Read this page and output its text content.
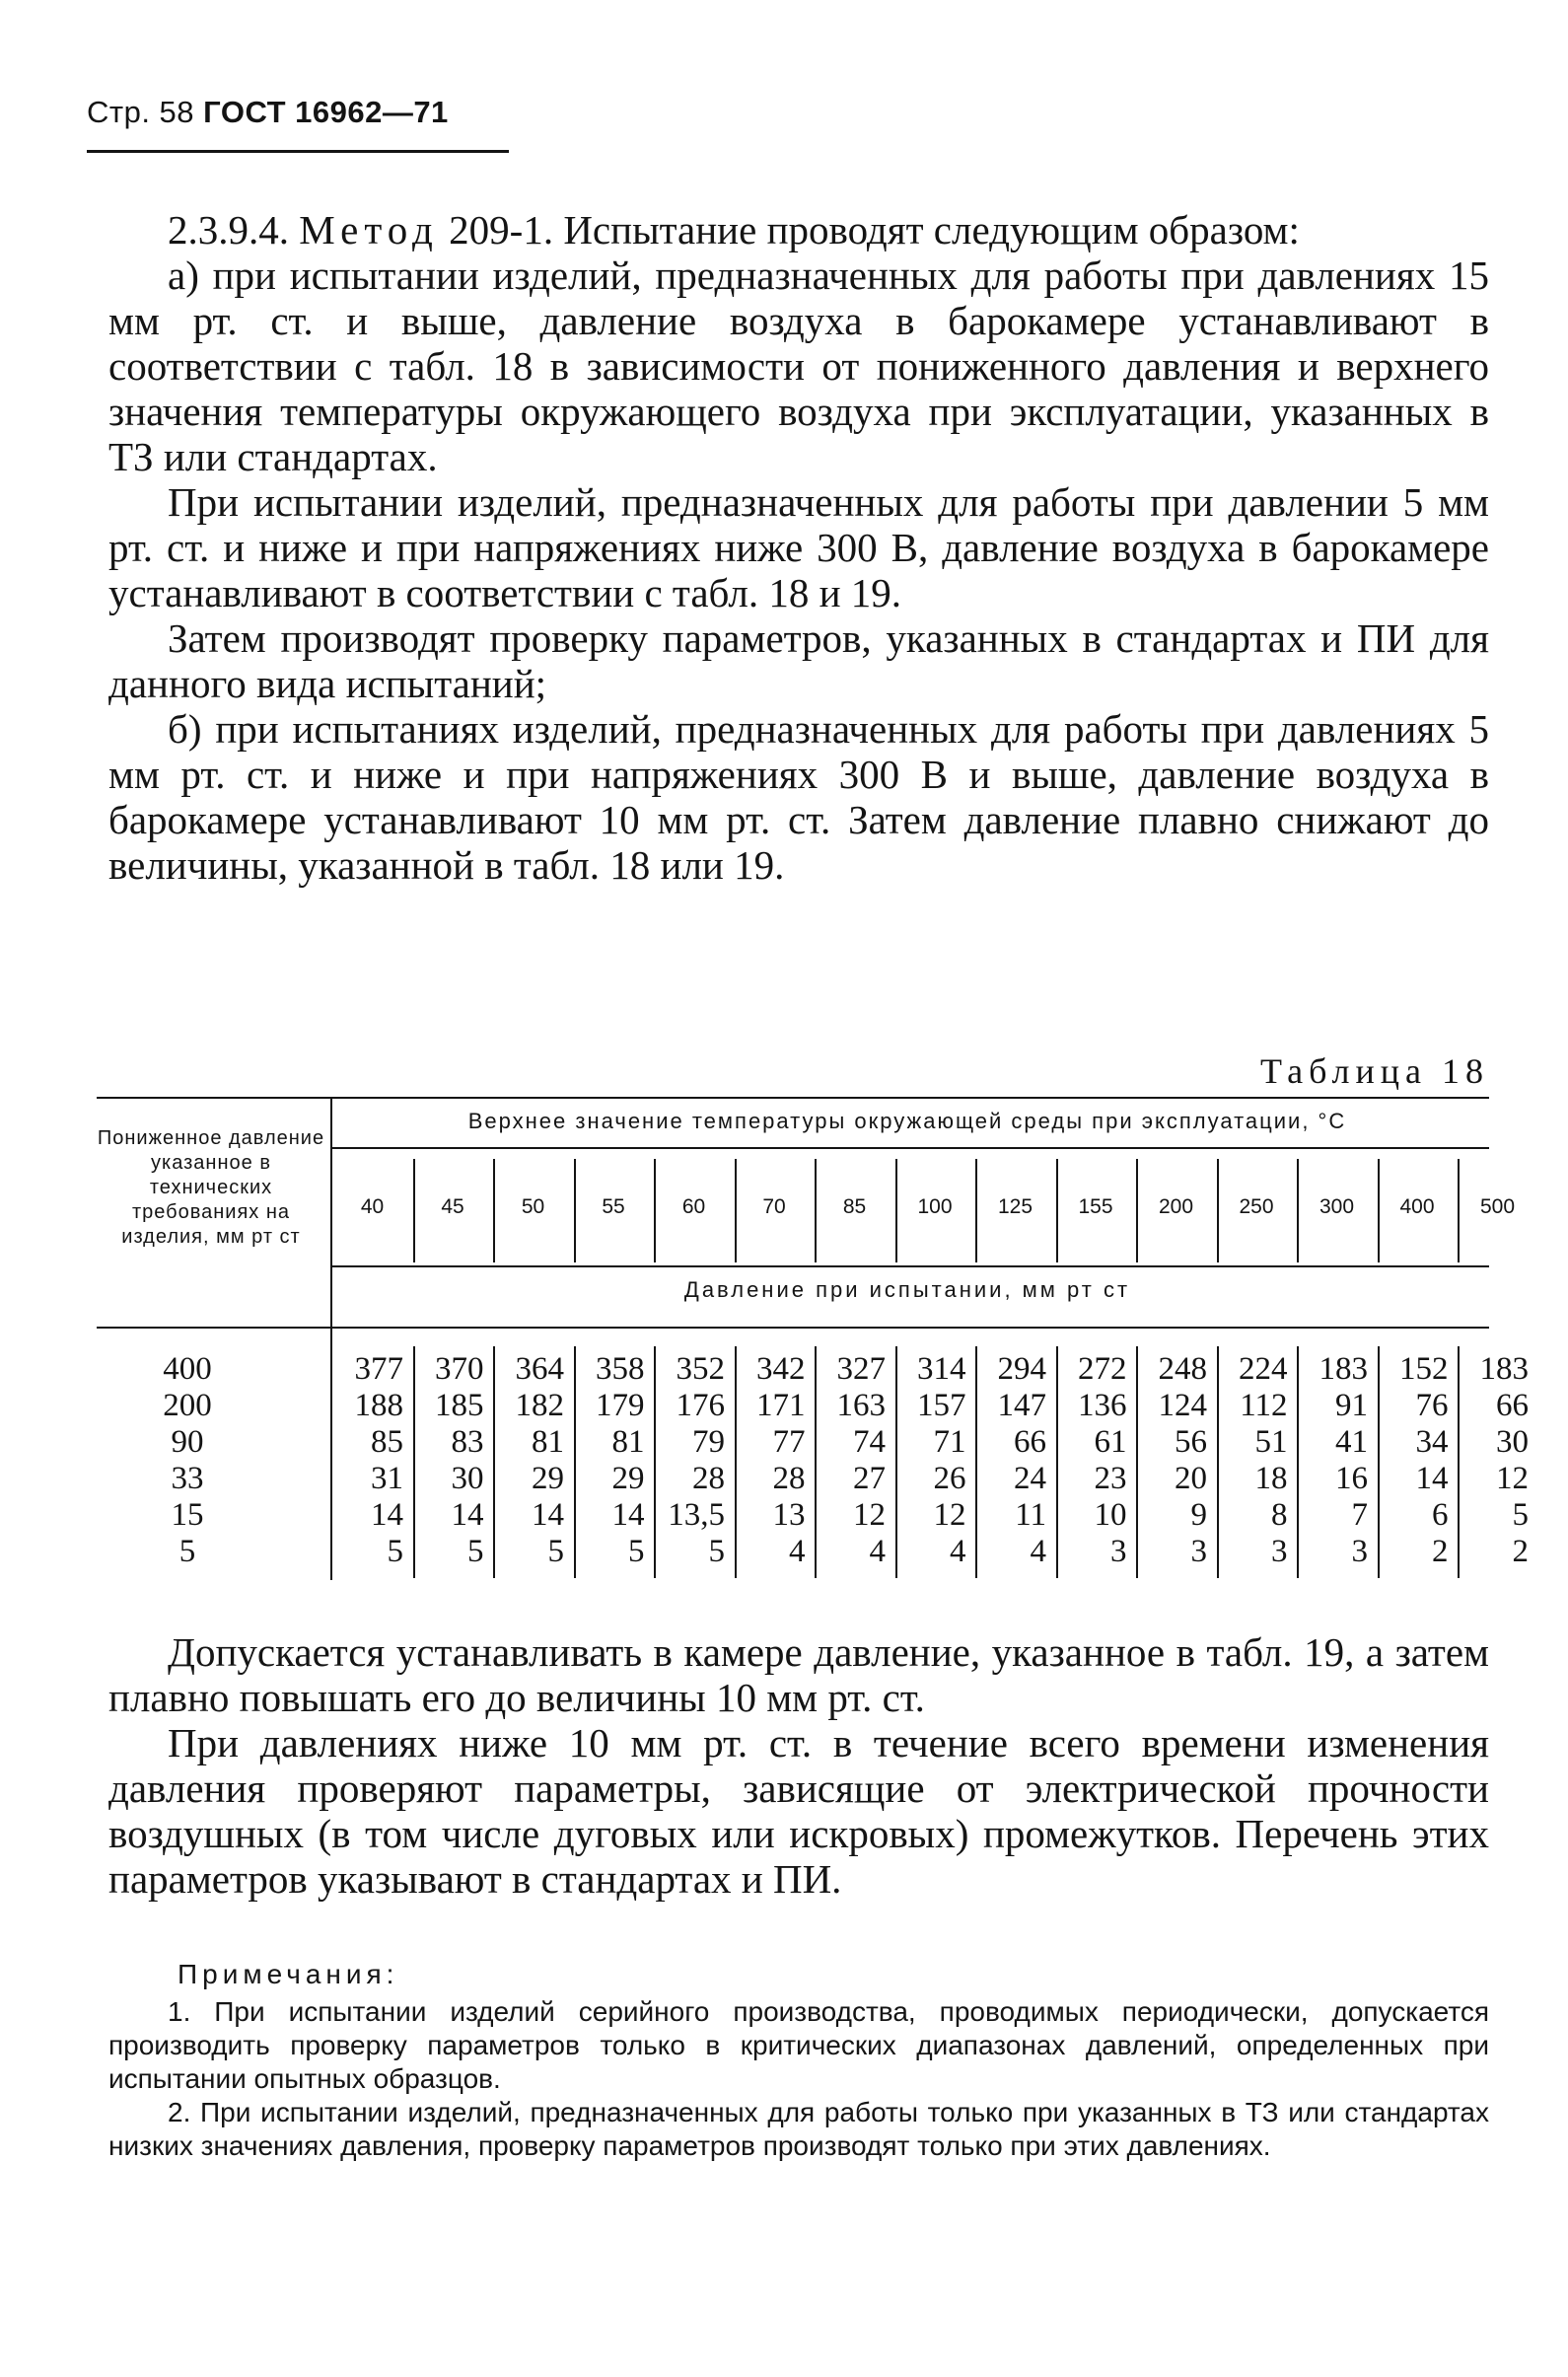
Стр. 58 ГОСТ 16962—71

2.3.9.4. Метод 209-1. Испытание проводят следующим образом:

а) при испытании изделий, предназначенных для работы при давлениях 15 мм рт. ст. и выше, давление воздуха в барокамере устанавливают в соответствии с табл. 18 в зависимости от пониженного давления и верхнего значения температуры окружающего воздуха при эксплуатации, указанных в ТЗ или стандартах.

При испытании изделий, предназначенных для работы при давлении 5 мм рт. ст. и ниже и при напряжениях ниже 300 В, давление воздуха в барокамере устанавливают в соответствии с табл. 18 и 19.

Затем производят проверку параметров, указанных в стандартах и ПИ для данного вида испытаний;

б) при испытаниях изделий, предназначенных для работы при давлениях 5 мм рт. ст. и ниже и при напряжениях 300 В и выше, давление воздуха в барокамере устанавливают 10 мм рт. ст. Затем давление плавно снижают до величины, указанной в табл. 18 или 19.

Таблица 18
Пониженное давление указанное в технических требованиях на изделия, мм рт ст
Верхнее значение температуры окружающей среды при эксплуатации, °С
Давление при испытании, мм рт ст
40	45	50	55	60	70	85	100	125	155	200	250	300	400	500
400	377 370 364 358 352 342 327 314 294 272 248 224 183 152 183
200	188 185 182 179 176 171 163 157 147 136 124	112	91	76	66
90	85	83	81	81	79	77	74	71	66	61	56	51	41	34	30
33	31	30	29	29	28	28	27	26	24	23	20	18	16	14	12
15	14	14	14	14 13,5	13	12	12	11	10	9	8	7	6	5
5	5	5	5	5	5	4	4	4	4	3	3	3	3	2	2

Допускается устанавливать в камере давление, указанное в табл. 19, а затем плавно повышать его до величины 10 мм рт. ст.

При давлениях ниже 10 мм рт. ст. в течение всего времени изменения давления проверяют параметры, зависящие от электрической прочности воздушных (в том числе дуговых или искровых) промежутков. Перечень этих параметров указывают в стандартах и ПИ.

Примечания:

1. При испытании изделий серийного производства, проводимых периодически, допускается производить проверку параметров только в критических диапазонах давлений, определенных при испытании опытных образцов.

2. При испытании изделий, предназначенных для работы только при указанных в ТЗ или стандартах низких значениях давления, проверку параметров производят только при этих давлениях.
